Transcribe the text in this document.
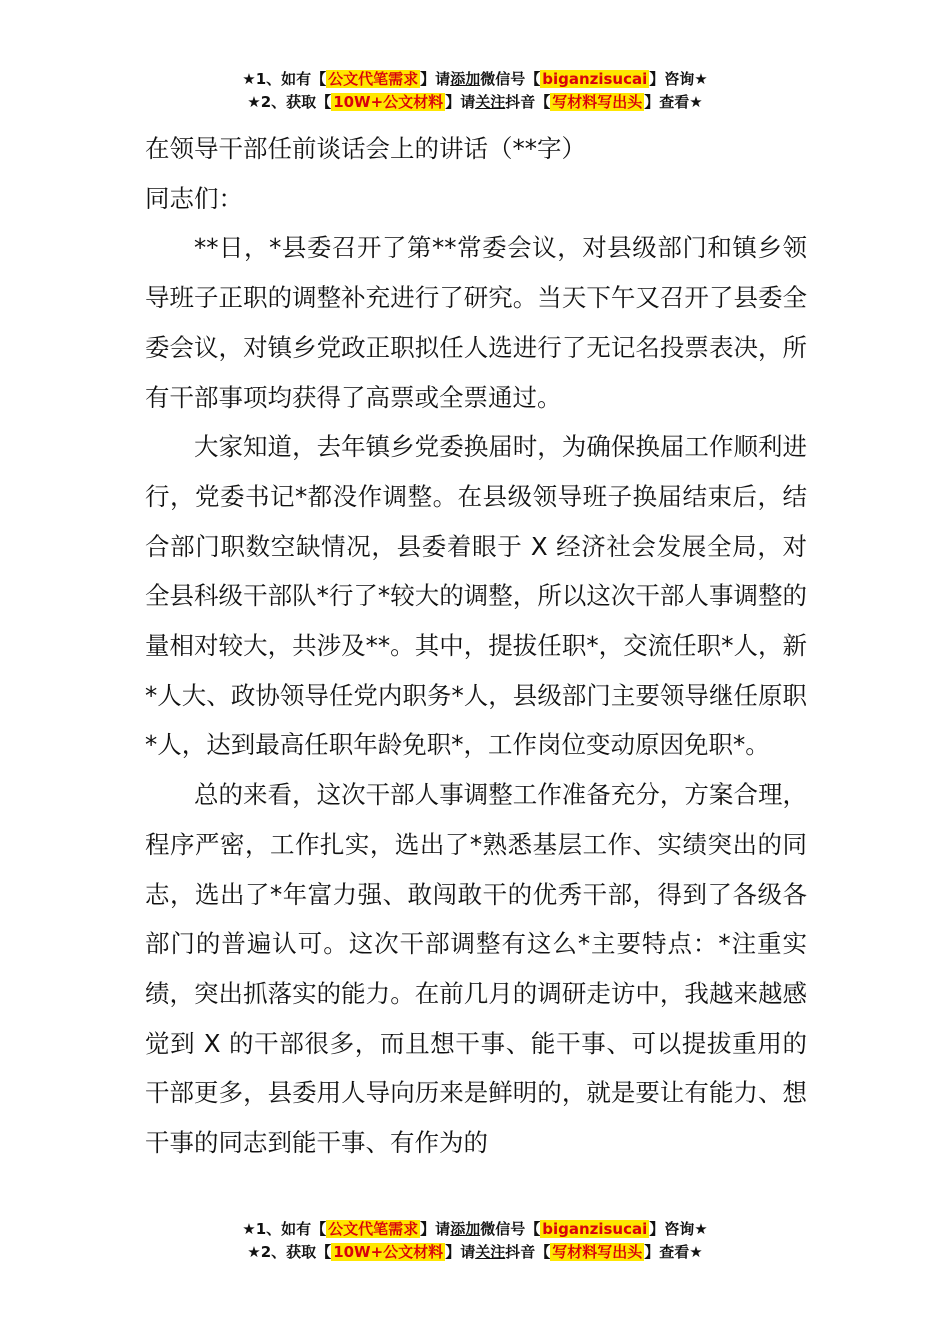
★1、如有【 公文代笔需求 】请添加微信号【 biganzisucai 】咨询★
★2、获取【 10W+公文材料 】请关注抖音【 写材料写出头 】查看★

在领导干部任前谈话会上的讲话（**字）

同志们：

**日，*县委召开了第**常委会议，对县级部门和镇乡领导班子正职的调整补充进行了研究。当天下午又召开了县委全委会议，对镇乡党政正职拟任人选进行了无记名投票表决，所有干部事项均获得了高票或全票通过。

大家知道，去年镇乡党委换届时，为确保换届工作顺利进行，党委书记*都没作调整。在县级领导班子换届结束后，结合部门职数空缺情况，县委着眼于 X 经济社会发展全局，对全县科级干部队*行了*较大的调整，所以这次干部人事调整的量相对较大，共涉及**。其中，提拔任职*，交流任职*人，新*人大、政协领导任党内职务*人，县级部门主要领导继任原职*人，达到最高任职年龄免职*，工作岗位变动原因免职*。

总的来看，这次干部人事调整工作准备充分，方案合理，程序严密，工作扎实，选出了*熟悉基层工作、实绩突出的同志，选出了*年富力强、敢闯敢干的优秀干部，得到了各级各部门的普遍认可。这次干部调整有这么*主要特点：*注重实绩，突出抓落实的能力。在前几月的调研走访中，我越来越感觉到 X 的干部很多，而且想干事、能干事、可以提拔重用的干部更多，县委用人导向历来是鲜明的，就是要让有能力、想干事的同志到能干事、有作为的

★1、如有【 公文代笔需求 】请添加微信号【 biganzisucai 】咨询★
★2、获取【 10W+公文材料 】请关注抖音【 写材料写出头 】查看★
